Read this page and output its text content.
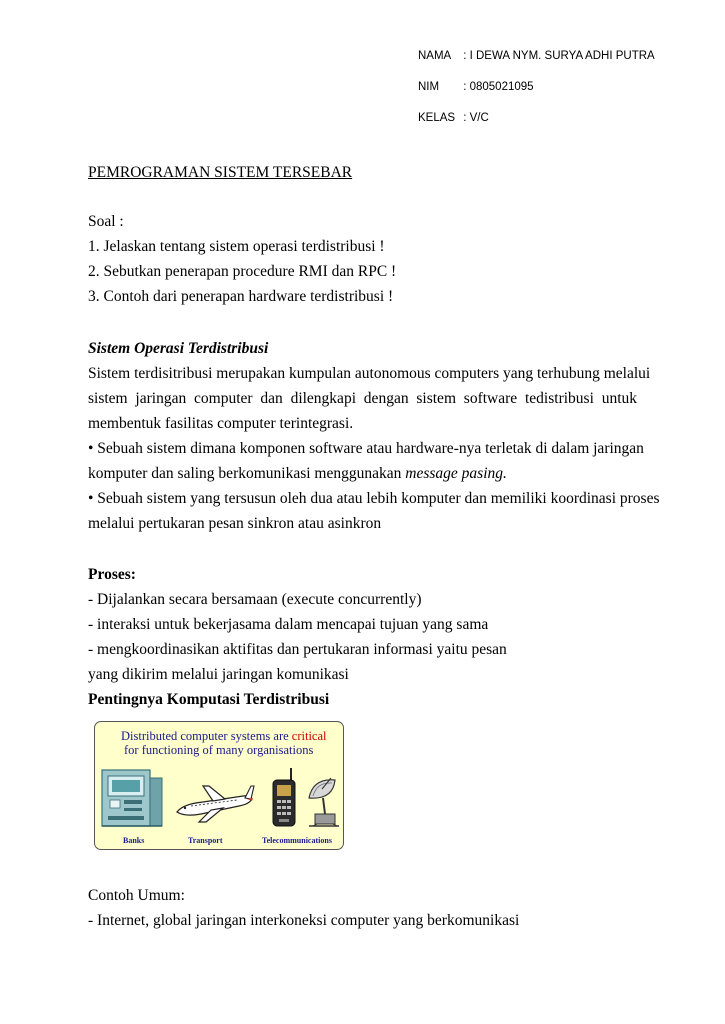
NAMA : I DEWA NYM. SURYA ADHI PUTRA
NIM : 0805021095
KELAS : V/C
PEMROGRAMAN SISTEM TERSEBAR
Soal :
1. Jelaskan tentang sistem operasi terdistribusi !
2. Sebutkan penerapan procedure RMI dan RPC !
3. Contoh dari penerapan hardware terdistribusi !
Sistem Operasi Terdistribusi
Sistem terdisitribusi merupakan kumpulan autonomous computers yang terhubung melalui
sistem jaringan computer dan dilengkapi dengan sistem software tedistribusi untuk
membentuk fasilitas computer terintegrasi.
• Sebuah sistem dimana komponen software atau hardware-nya terletak di dalam jaringan
komputer dan saling berkomunikasi menggunakan message pasing.
• Sebuah sistem yang tersusun oleh dua atau lebih komputer dan memiliki koordinasi proses
melalui pertukaran pesan sinkron atau asinkron
Proses:
- Dijalankan secara bersamaan (execute concurrently)
- interaksi untuk bekerjasama dalam mencapai tujuan yang sama
- mengkoordinasikan aktifitas dan pertukaran informasi yaitu pesan
yang dikirim melalui jaringan komunikasi
Pentingnya Komputasi Terdistribusi
Distributed computer systems are critical
for functioning of many organisations
Banks	Transport	Telecommunications
Contoh Umum:
- Internet, global jaringan interkoneksi computer yang berkomunikasi
